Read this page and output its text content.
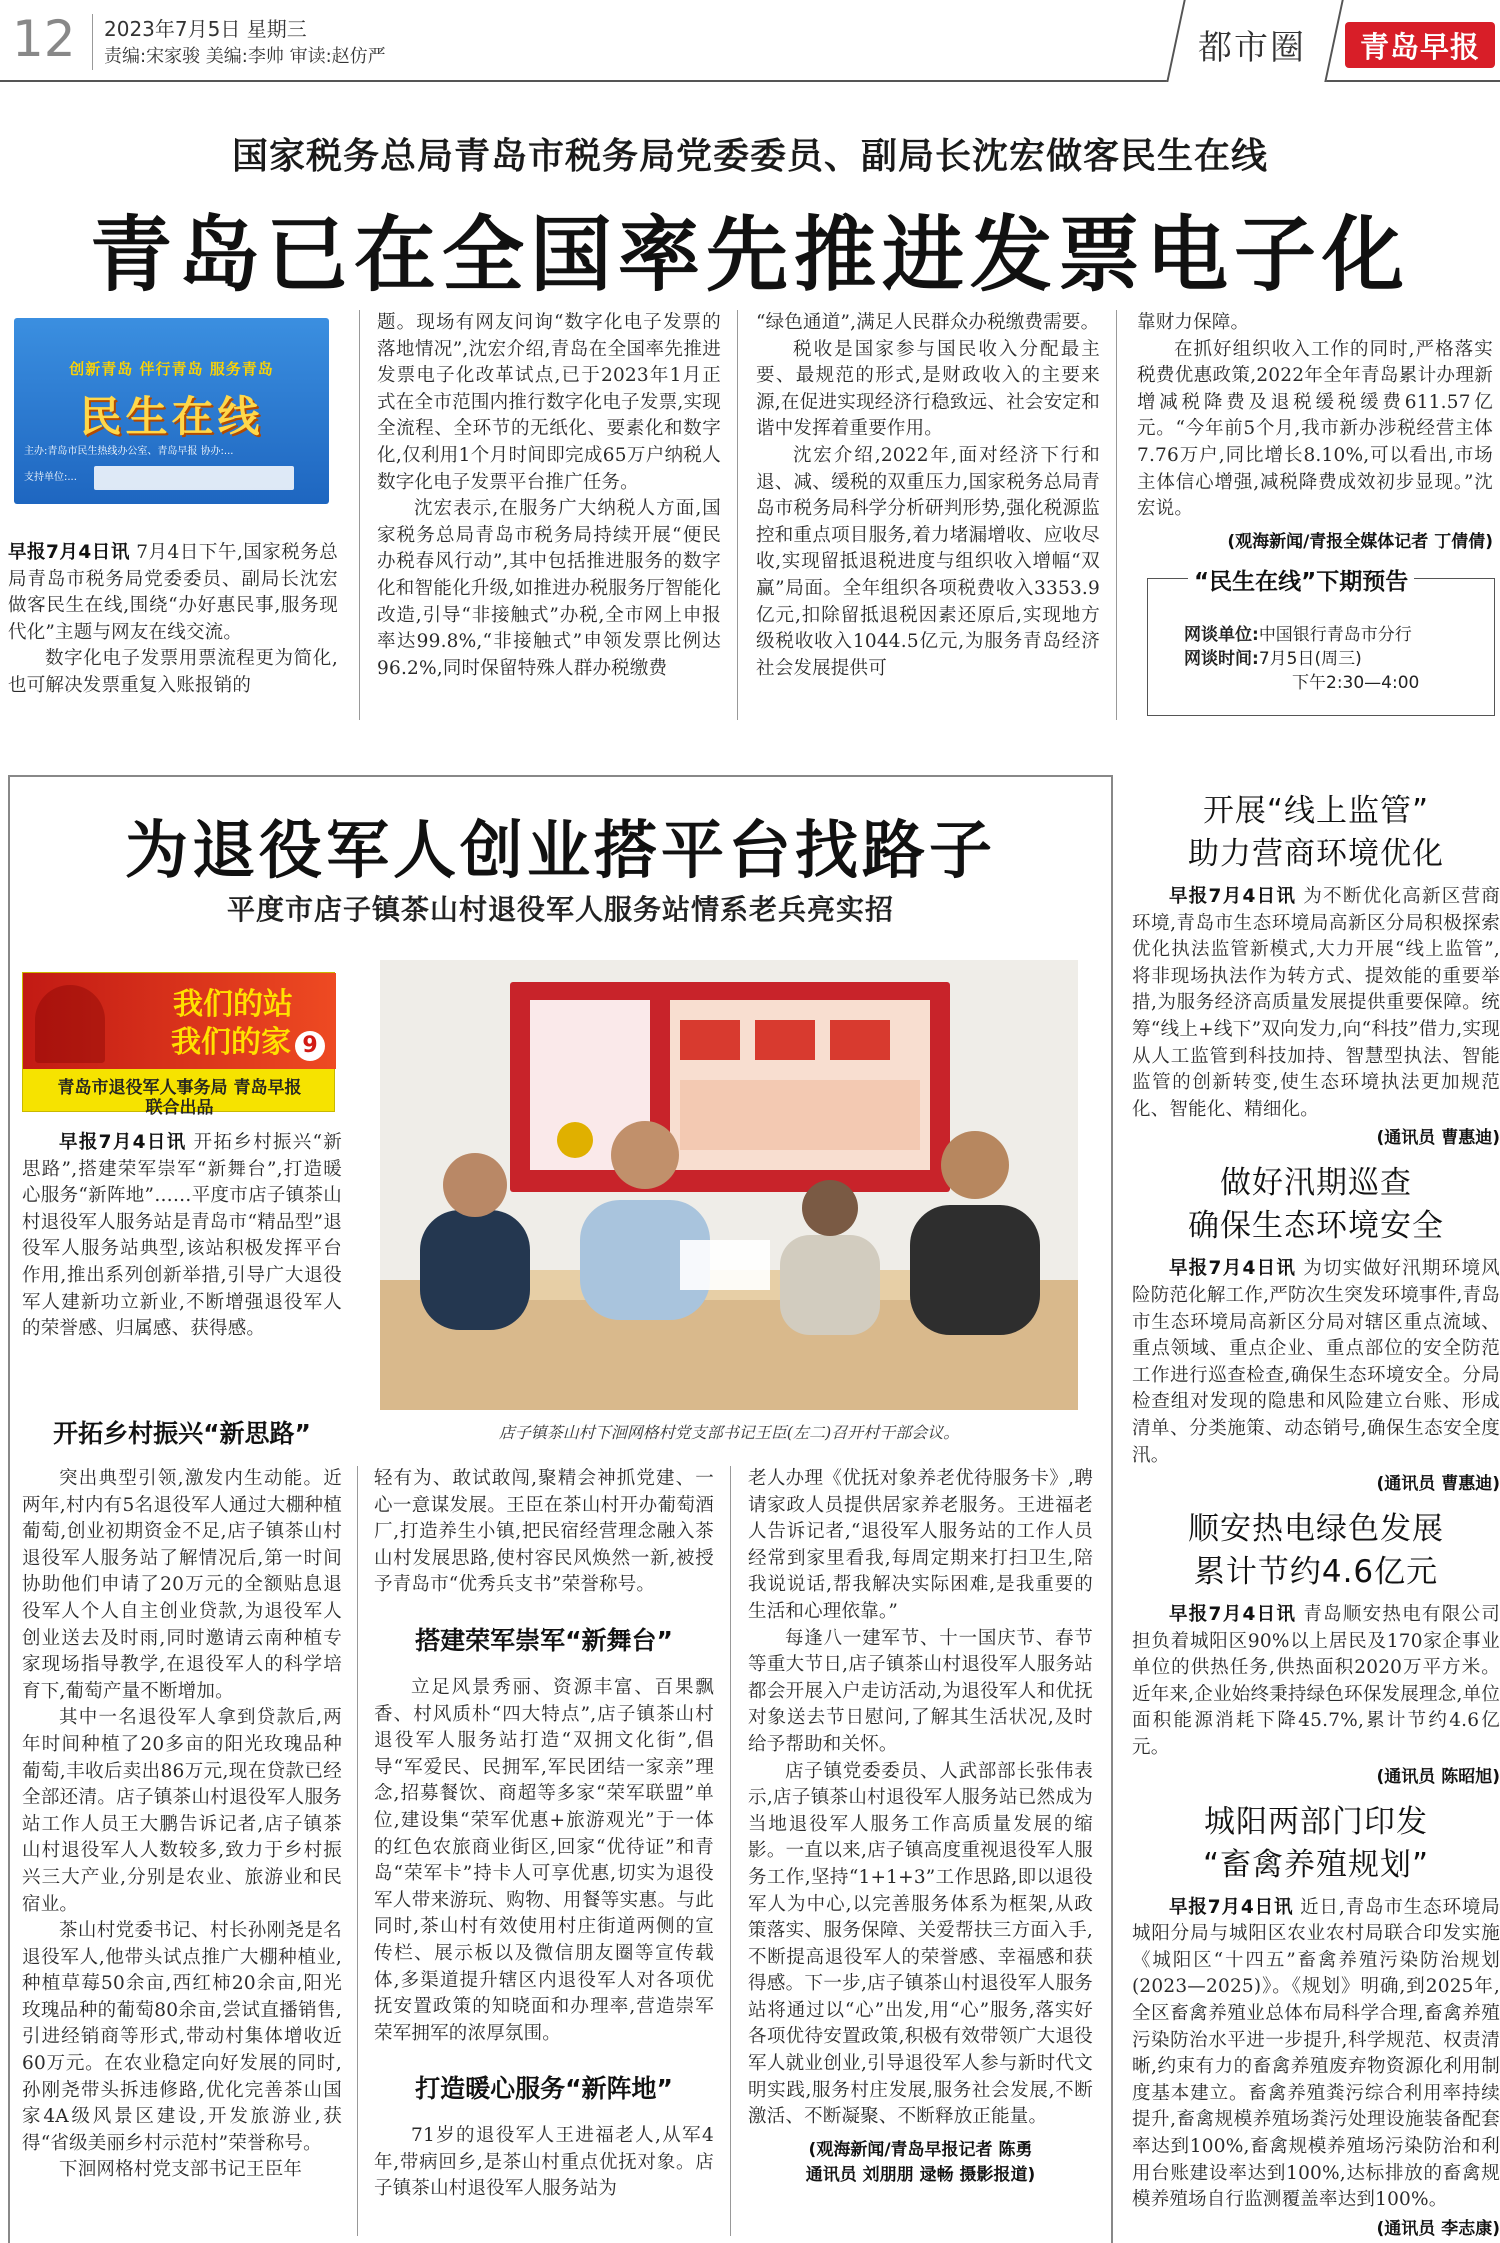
12 2023年7月5日 星期三
责编:宋家骏 美编:李帅 审读:赵仿严	都市圈 青岛早报
国家税务总局青岛市税务局党委委员、副局长沈宏做客民生在线
青岛已在全国率先推进发票电子化
创新青岛 伴行青岛 服务青岛
民生在线
主办:青岛市民生热线办公室、青岛早报 协办:...
支持单位:...

早报7月4日讯 7月4日下午,国家税务总局青岛市税务局党委委员、副局长沈宏做客民生在线,围绕“办好惠民事,服务现代化”主题与网友在线交流。

数字化电子发票用票流程更为简化,也可解决发票重复入账报销的

题。现场有网友问询“数字化电子发票的落地情况”,沈宏介绍,青岛在全国率先推进发票电子化改革试点,已于2023年1月正式在全市范围内推行数字化电子发票,实现全流程、全环节的无纸化、要素化和数字化,仅利用1个月时间即完成65万户纳税人数字化电子发票平台推广任务。

沈宏表示,在服务广大纳税人方面,国家税务总局青岛市税务局持续开展“便民办税春风行动”,其中包括推进服务的数字化和智能化升级,如推进办税服务厅智能化改造,引导“非接触式”办税,全市网上申报率达99.8%,“非接触式”申领发票比例达96.2%,同时保留特殊人群办税缴费

“绿色通道”,满足人民群众办税缴费需要。

税收是国家参与国民收入分配最主要、最规范的形式,是财政收入的主要来源,在促进实现经济行稳致远、社会安定和谐中发挥着重要作用。

沈宏介绍,2022年,面对经济下行和退、减、缓税的双重压力,国家税务总局青岛市税务局科学分析研判形势,强化税源监控和重点项目服务,着力堵漏增收、应收尽收,实现留抵退税进度与组织收入增幅“双赢”局面。全年组织各项税费收入3353.9亿元,扣除留抵退税因素还原后,实现地方级税收收入1044.5亿元,为服务青岛经济社会发展提供可

靠财力保障。

在抓好组织收入工作的同时,严格落实税费优惠政策,2022年全年青岛累计办理新增减税降费及退税缓税缓费611.57亿元。“今年前5个月,我市新办涉税经营主体7.76万户,同比增长8.10%,可以看出,市场主体信心增强,减税降费成效初步显现。”沈宏说。

(观海新闻/青报全媒体记者 丁倩倩)

“民生在线”下期预告
网谈单位:中国银行青岛市分行
网谈时间:7月5日(周三)
下午2:30—4:00
为退役军人创业搭平台找路子
平度市店子镇茶山村退役军人服务站情系老兵亮实招
我们的站
我们的家 9
青岛市退役军人事务局 青岛早报
联合出品
店子镇茶山村下洄网格村党支部书记王臣(左二)召开村干部会议。

早报7月4日讯 开拓乡村振兴“新思路”,搭建荣军崇军“新舞台”,打造暖心服务“新阵地”……平度市店子镇茶山村退役军人服务站是青岛市“精品型”退役军人服务站典型,该站积极发挥平台作用,推出系列创新举措,引导广大退役军人建新功立新业,不断增强退役军人的荣誉感、归属感、获得感。

开拓乡村振兴“新思路”

突出典型引领,激发内生动能。近两年,村内有5名退役军人通过大棚种植葡萄,创业初期资金不足,店子镇茶山村退役军人服务站了解情况后,第一时间协助他们申请了20万元的全额贴息退役军人个人自主创业贷款,为退役军人创业送去及时雨,同时邀请云南种植专家现场指导教学,在退役军人的科学培育下,葡萄产量不断增加。

其中一名退役军人拿到贷款后,两年时间种植了20多亩的阳光玫瑰品种葡萄,丰收后卖出86万元,现在贷款已经全部还清。店子镇茶山村退役军人服务站工作人员王大鹏告诉记者,店子镇茶山村退役军人人数较多,致力于乡村振兴三大产业,分别是农业、旅游业和民宿业。

茶山村党委书记、村长孙刚尧是名退役军人,他带头试点推广大棚种植业,种植草莓50余亩,西红柿20余亩,阳光玫瑰品种的葡萄80余亩,尝试直播销售,引进经销商等形式,带动村集体增收近60万元。在农业稳定向好发展的同时,孙刚尧带头拆违修路,优化完善茶山国家4A级风景区建设,开发旅游业,获得“省级美丽乡村示范村”荣誉称号。

下洄网格村党支部书记王臣年

轻有为、敢试敢闯,聚精会神抓党建、一心一意谋发展。王臣在茶山村开办葡萄酒厂,打造养生小镇,把民宿经营理念融入茶山村发展思路,使村容民风焕然一新,被授予青岛市“优秀兵支书”荣誉称号。

搭建荣军崇军“新舞台”

立足风景秀丽、资源丰富、百果飘香、村风质朴“四大特点”,店子镇茶山村退役军人服务站打造“双拥文化街”,倡导“军爱民、民拥军,军民团结一家亲”理念,招募餐饮、商超等多家“荣军联盟”单位,建设集“荣军优惠+旅游观光”于一体的红色农旅商业街区,回家“优待证”和青岛“荣军卡”持卡人可享优惠,切实为退役军人带来游玩、购物、用餐等实惠。与此同时,茶山村有效使用村庄街道两侧的宣传栏、展示板以及微信朋友圈等宣传载体,多渠道提升辖区内退役军人对各项优抚安置政策的知晓面和办理率,营造崇军荣军拥军的浓厚氛围。

打造暖心服务“新阵地”

71岁的退役军人王进福老人,从军4年,带病回乡,是茶山村重点优抚对象。店子镇茶山村退役军人服务站为

老人办理《优抚对象养老优待服务卡》,聘请家政人员提供居家养老服务。王进福老人告诉记者,“退役军人服务站的工作人员经常到家里看我,每周定期来打扫卫生,陪我说说话,帮我解决实际困难,是我重要的生活和心理依靠。”

每逢八一建军节、十一国庆节、春节等重大节日,店子镇茶山村退役军人服务站都会开展入户走访活动,为退役军人和优抚对象送去节日慰问,了解其生活状况,及时给予帮助和关怀。

店子镇党委委员、人武部部长张伟表示,店子镇茶山村退役军人服务站已然成为当地退役军人服务工作高质量发展的缩影。一直以来,店子镇高度重视退役军人服务工作,坚持“1+1+3”工作思路,即以退役军人为中心,以完善服务体系为框架,从政策落实、服务保障、关爱帮扶三方面入手,不断提高退役军人的荣誉感、幸福感和获得感。下一步,店子镇茶山村退役军人服务站将通过以“心”出发,用“心”服务,落实好各项优待安置政策,积极有效带领广大退役军人就业创业,引导退役军人参与新时代文明实践,服务村庄发展,服务社会发展,不断激活、不断凝聚、不断释放正能量。

(观海新闻/青岛早报记者 陈勇

通讯员 刘朋朋 逯畅 摄影报道)

开展“线上监管”
助力营商环境优化

早报7月4日讯 为不断优化高新区营商环境,青岛市生态环境局高新区分局积极探索优化执法监管新模式,大力开展“线上监管”,将非现场执法作为转方式、提效能的重要举措,为服务经济高质量发展提供重要保障。统筹“线上+线下”双向发力,向“科技”借力,实现从人工监管到科技加持、智慧型执法、智能监管的创新转变,使生态环境执法更加规范化、智能化、精细化。

(通讯员 曹惠迪)

做好汛期巡查
确保生态环境安全

早报7月4日讯 为切实做好汛期环境风险防范化解工作,严防次生突发环境事件,青岛市生态环境局高新区分局对辖区重点流域、重点领域、重点企业、重点部位的安全防范工作进行巡查检查,确保生态环境安全。分局检查组对发现的隐患和风险建立台账、形成清单、分类施策、动态销号,确保生态安全度汛。

(通讯员 曹惠迪)

顺安热电绿色发展
累计节约4.6亿元

早报7月4日讯 青岛顺安热电有限公司担负着城阳区90%以上居民及170家企事业单位的供热任务,供热面积2020万平方米。近年来,企业始终秉持绿色环保发展理念,单位面积能源消耗下降45.7%,累计节约4.6亿元。

(通讯员 陈昭旭)

城阳两部门印发
“畜禽养殖规划”

早报7月4日讯 近日,青岛市生态环境局城阳分局与城阳区农业农村局联合印发实施《城阳区“十四五”畜禽养殖污染防治规划(2023—2025)》。《规划》明确,到2025年,全区畜禽养殖业总体布局科学合理,畜禽养殖污染防治水平进一步提升,科学规范、权责清晰,约束有力的畜禽养殖废弃物资源化利用制度基本建立。畜禽养殖粪污综合利用率持续提升,畜禽规模养殖场粪污处理设施装备配套率达到100%,畜禽规模养殖场污染防治和利用台账建设率达到100%,达标排放的畜禽规模养殖场自行监测覆盖率达到100%。

(通讯员 李志康)
